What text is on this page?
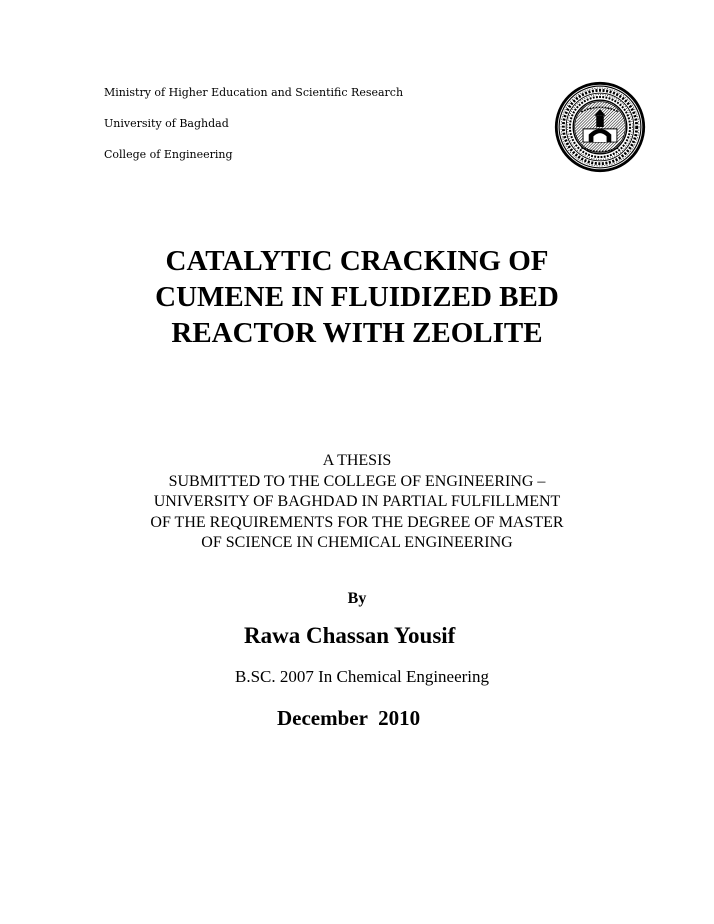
Ministry of Higher Education and Scientific Research
University of Baghdad
College of Engineering
CATALYTIC CRACKING OF
CUMENE IN FLUIDIZED BED
REACTOR WITH ZEOLITE
A THESIS
SUBMITTED TO THE COLLEGE OF ENGINEERING –
UNIVERSITY OF BAGHDAD IN PARTIAL FULFILLMENT
OF THE REQUIREMENTS FOR THE DEGREE OF MASTER
OF SCIENCE IN CHEMICAL ENGINEERING
By
Rawa Chassan Yousif
B.SC. 2007 In Chemical Engineering
December  2010
